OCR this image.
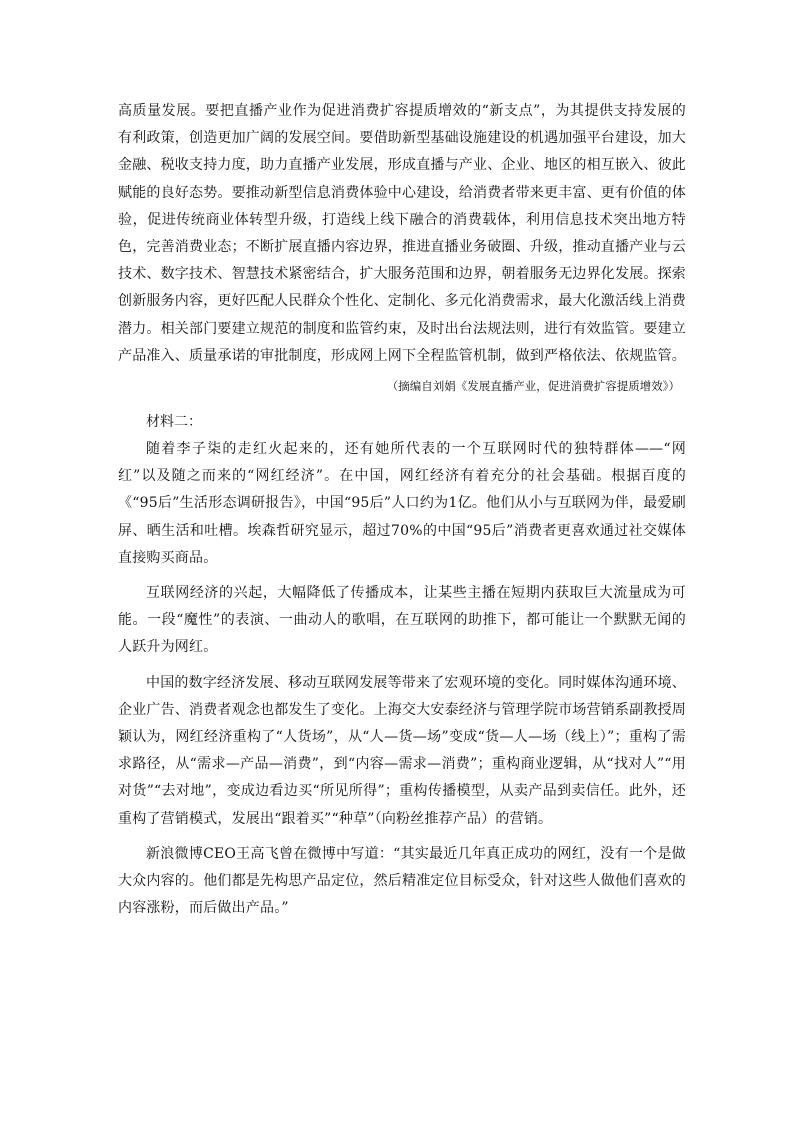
高质量发展。要把直播产业作为促进消费扩容提质增效的“新支点”，为其提供支持发展的有利政策，创造更加广阔的发展空间。要借助新型基础设施建设的机遇加强平台建设，加大金融、税收支持力度，助力直播产业发展，形成直播与产业、企业、地区的相互嵌入、彼此赋能的良好态势。要推动新型信息消费体验中心建设，给消费者带来更丰富、更有价值的体验，促进传统商业体转型升级，打造线上线下融合的消费载体，利用信息技术突出地方特色，完善消费业态；不断扩展直播内容边界，推进直播业务破圈、升级，推动直播产业与云技术、数字技术、智慧技术紧密结合，扩大服务范围和边界，朝着服务无边界化发展。探索创新服务内容，更好匹配人民群众个性化、定制化、多元化消费需求，最大化激活线上消费潜力。相关部门要建立规范的制度和监管约束，及时出台法规法则，进行有效监管。要建立产品准入、质量承诺的审批制度，形成网上网下全程监管机制，做到严格依法、依规监管。

（摘编自刘娟《发展直播产业，促进消费扩容提质增效》）

材料二：

随着李子柒的走红火起来的，还有她所代表的一个互联网时代的独特群体——“网红”以及随之而来的“网红经济”。在中国，网红经济有着充分的社会基础。根据百度的《“95后”生活形态调研报告》，中国“95后”人口约为1亿。他们从小与互联网为伴，最爱刷屏、晒生活和吐槽。埃森哲研究显示，超过70%的中国“95后”消费者更喜欢通过社交媒体直接购买商品。

互联网经济的兴起，大幅降低了传播成本，让某些主播在短期内获取巨大流量成为可能。一段“魔性”的表演、一曲动人的歌唱，在互联网的助推下，都可能让一个默默无闻的人跃升为网红。

中国的数字经济发展、移动互联网发展等带来了宏观环境的变化。同时媒体沟通环境、企业广告、消费者观念也都发生了变化。上海交大安泰经济与管理学院市场营销系副教授周颖认为，网红经济重构了“人货场”，从“人—货—场”变成“货—人—场（线上）”；重构了需求路径，从“需求—产品—消费”，到“内容—需求—消费”；重构商业逻辑，从“找对人”“用对货”“去对地”，变成边看边买“所见所得”；重构传播模型，从卖产品到卖信任。此外，还重构了营销模式，发展出“跟着买”“种草”（向粉丝推荐产品）的营销。

新浪微博CEO王高飞曾在微博中写道：“其实最近几年真正成功的网红，没有一个是做大众内容的。他们都是先构思产品定位，然后精准定位目标受众，针对这些人做他们喜欢的内容涨粉，而后做出产品。”
